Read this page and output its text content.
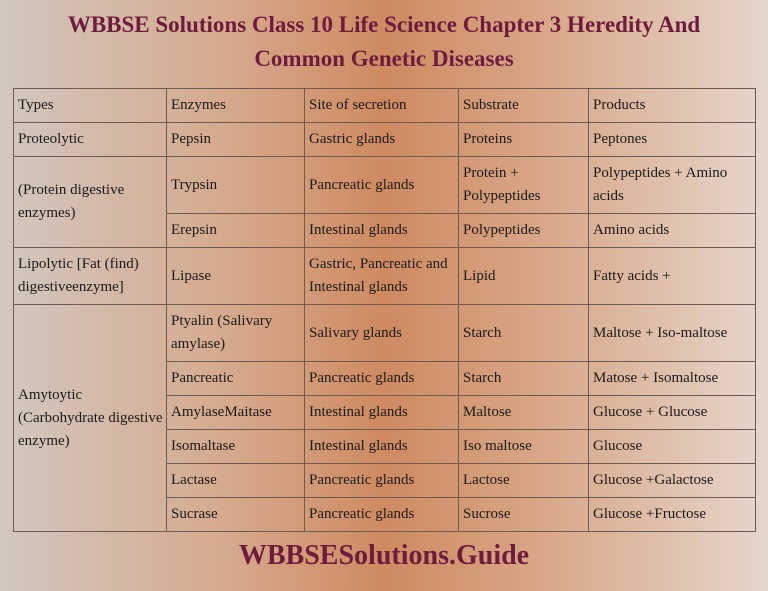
WBBSE Solutions Class 10 Life Science Chapter 3 Heredity And
Common Genetic Diseases
Types	Enzymes	Site of secretion	Substrate	Products
Proteolytic	Pepsin	Gastric glands	Proteins	Peptones
(Protein digestive enzymes)	Trypsin	Pancreatic glands	Protein + Polypeptides	Polypeptides + Amino acids
	Erepsin	Intestinal glands	Polypeptides	Amino acids
Lipolytic [Fat (find) digestiveenzyme]	Lipase	Gastric, Pancreatic and Intestinal glands	Lipid	Fatty acids +
Amytoytic (Carbohydrate digestive enzyme)	Ptyalin (Salivary amylase)	Salivary glands	Starch	Maltose + Iso-maltose
	Pancreatic	Pancreatic glands	Starch	Matose + Isomaltose
	AmylaseMaitase	Intestinal glands	Maltose	Glucose + Glucose
	Isomaltase	Intestinal glands	Iso maltose	Glucose
	Lactase	Pancreatic glands	Lactose	Glucose +Galactose
	Sucrase	Pancreatic glands	Sucrose	Glucose +Fructose
WBBSESolutions.Guide
